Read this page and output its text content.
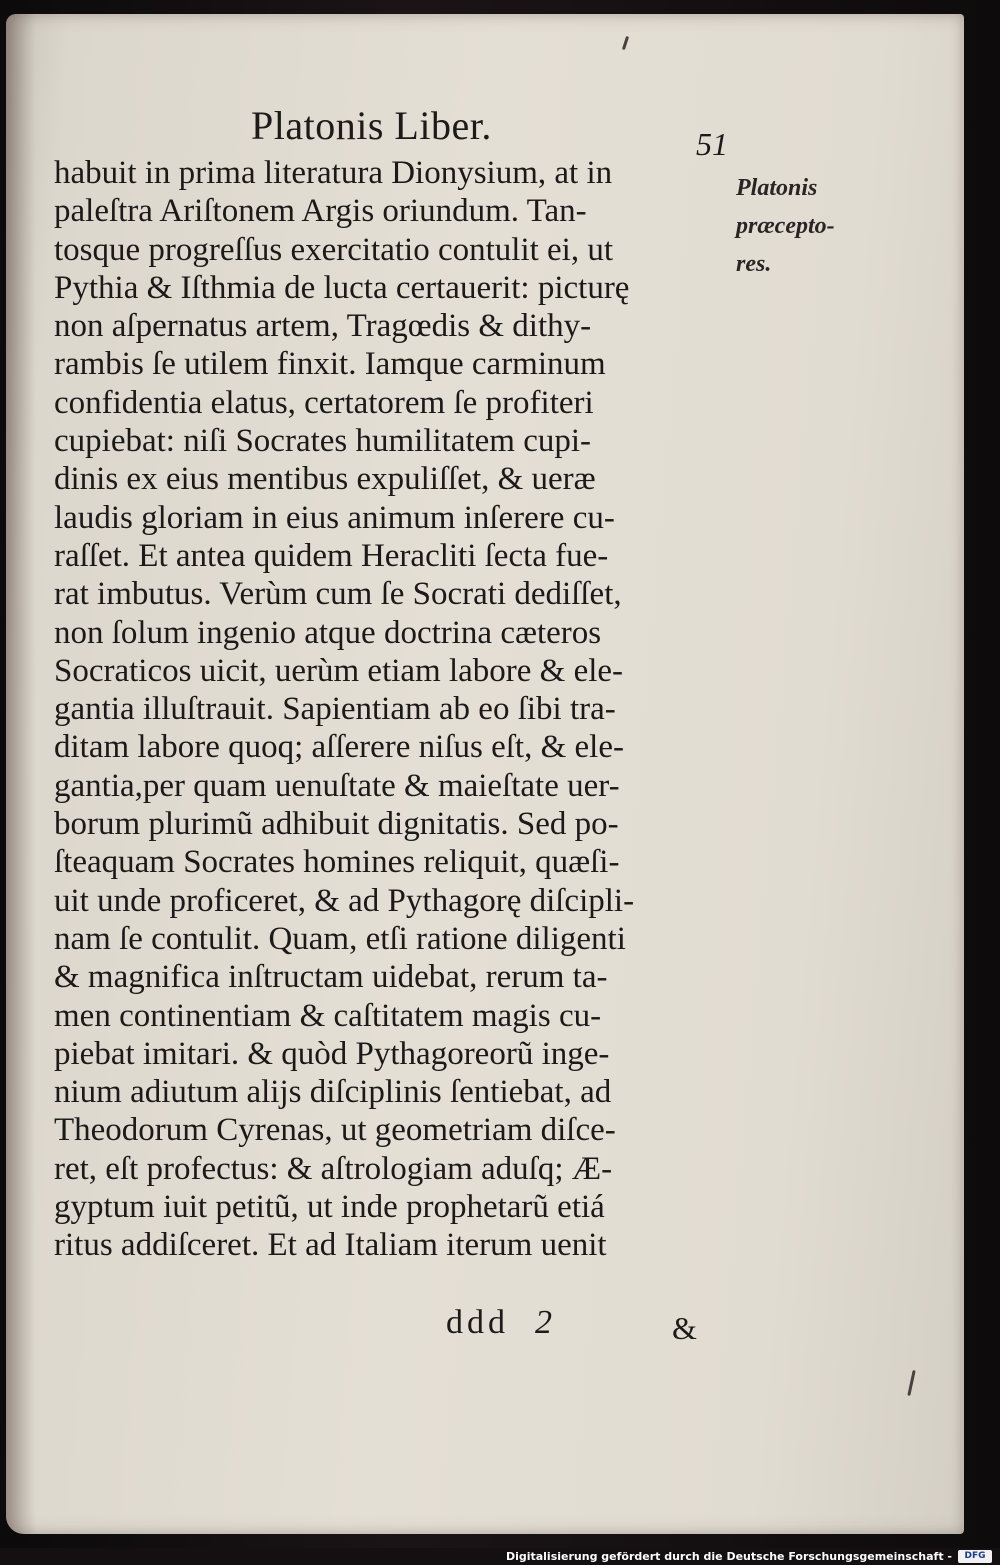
Platonis Liber.	51
habuit in prima literatura Dionysium, at in
paleſtra Ariſtonem Argis oriundum. Tan-
tosque progreſſus exercitatio contulit ei, ut
Pythia & Iſthmia de lucta certauerit: picturę
non aſpernatus artem, Tragœdis & dithy-
rambis ſe utilem finxit. Iamque carminum
confidentia elatus, certatorem ſe profiteri
cupiebat: niſi Socrates humilitatem cupi-
dinis ex eius mentibus expuliſſet, & ueræ
laudis gloriam in eius animum inſerere cu-
raſſet. Et antea quidem Heracliti ſecta fue-
rat imbutus. Verùm cum ſe Socrati dediſſet,
non ſolum ingenio atque doctrina cæteros
Socraticos uicit, uerùm etiam labore & ele-
gantia illuſtrauit. Sapientiam ab eo ſibi tra-
ditam labore quoq; aſſerere niſus eſt, & ele-
gantia,per quam uenuſtate & maieſtate uer-
borum plurimũ adhibuit dignitatis. Sed po-
ſteaquam Socrates homines reliquit, quæſi-
uit unde proficeret, & ad Pythagorę diſcipli-
nam ſe contulit. Quam, etſi ratione diligenti
& magnifica inſtructam uidebat, rerum ta-
men continentiam & caſtitatem magis cu-
piebat imitari. & quòd Pythagoreorũ inge-
nium adiutum alijs diſciplinis ſentiebat, ad
Theodorum Cyrenas, ut geometriam diſce-
ret, eſt profectus: & aſtrologiam aduſq; Æ-
gyptum iuit petitũ, ut inde prophetarũ etiá
ritus addiſceret. Et ad Italiam iterum uenit
Platonis
præcepto-
res.
ddd 2	&
Digitalisierung gefördert durch die Deutsche Forschungsgemeinschaft -	DFG
